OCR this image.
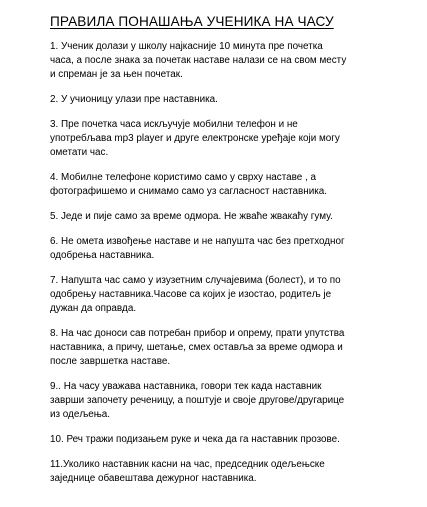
ПРАВИЛА ПОНАШАЊА УЧЕНИКА НА ЧАСУ
1. Ученик долази у школу најкасније 10 минута пре почетка
часа, а после знака за почетак наставе налази се на свом месту
и спреман је за њен почетак.
2. У учионицу улази пре наставника.
3. Пре почетка часа искључује мобилни телефон и не
употребљава mp3 player и друге електронске уређаје који могу
ометати час.
4. Мобилне телефоне користимо само у сврху наставе , а
фотографишемо и снимамо само уз сагласност наставника.
5. Једе и пије само за време одмора. Не жваће жвакаћу гуму.
6. Не омета извођење наставе и не напушта час без претходног
одобрења наставника.
7. Напушта час само у изузетним случајевима (болест), и то по
одобрењу наставника.Часове са којих је изостао, родитељ је
дужан да оправда.
8. На час доноси сав потребан прибор и опрему, прати упутства
наставника, а причу, шетање, смех оставља за време одмора и
после завршетка наставе.
9.. На часу уважава наставника, говори тек када наставник
заврши започету реченицу, а поштује и своје другове/другарице
из одељења.
10. Реч тражи подизањем руке и чека да га наставник прозове.
11.Уколико наставник касни на час, председник одељењске
заједнице обавештава дежурног наставника.
